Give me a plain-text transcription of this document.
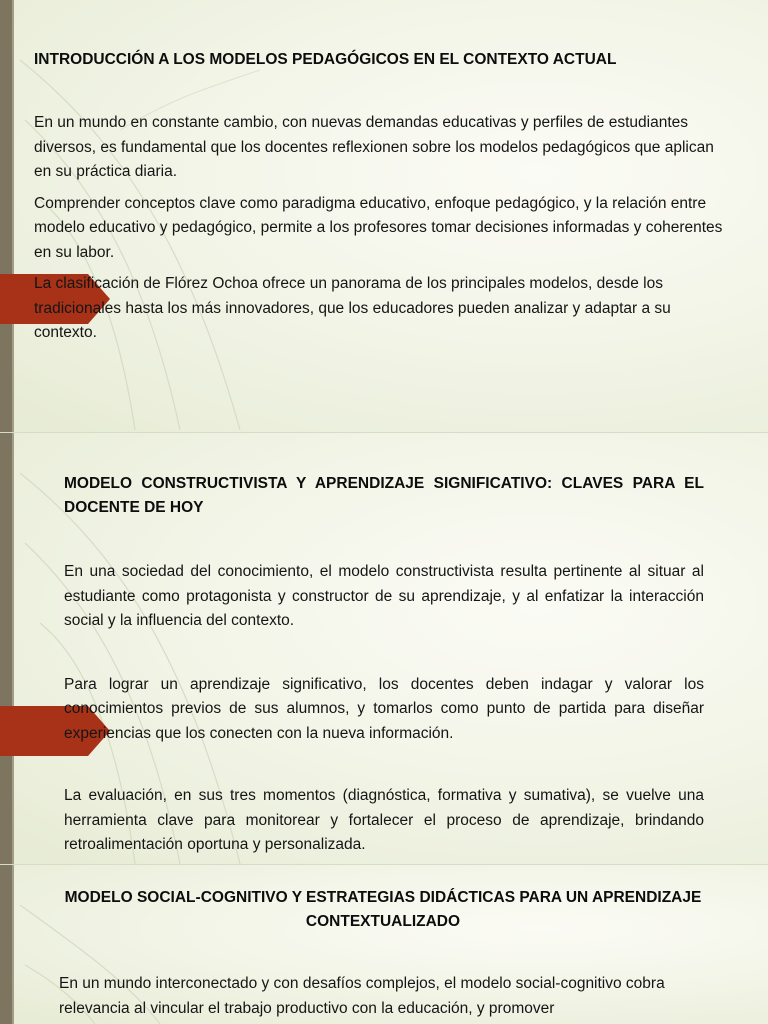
INTRODUCCIÓN A LOS MODELOS PEDAGÓGICOS EN EL CONTEXTO ACTUAL

En un mundo en constante cambio, con nuevas demandas educativas y perfiles de estudiantes diversos, es fundamental que los docentes reflexionen sobre los modelos pedagógicos que aplican en su práctica diaria.

Comprender conceptos clave como paradigma educativo, enfoque pedagógico, y la relación entre modelo educativo y pedagógico, permite a los profesores tomar decisiones informadas y coherentes en su labor.

La clasificación de Flórez Ochoa ofrece un panorama de los principales modelos, desde los tradicionales hasta los más innovadores, que los educadores pueden analizar y adaptar a su contexto.

MODELO CONSTRUCTIVISTA Y APRENDIZAJE SIGNIFICATIVO: CLAVES PARA EL DOCENTE DE HOY

En una sociedad del conocimiento, el modelo constructivista resulta pertinente al situar al estudiante como protagonista y constructor de su aprendizaje, y al enfatizar la interacción social y la influencia del contexto.

Para lograr un aprendizaje significativo, los docentes deben indagar y valorar los conocimientos previos de sus alumnos, y tomarlos como punto de partida para diseñar experiencias que los conecten con la nueva información.

La evaluación, en sus tres momentos (diagnóstica, formativa y sumativa), se vuelve una herramienta clave para monitorear y fortalecer el proceso de aprendizaje, brindando retroalimentación oportuna y personalizada.

MODELO SOCIAL-COGNITIVO Y ESTRATEGIAS DIDÁCTICAS PARA UN APRENDIZAJE CONTEXTUALIZADO

En un mundo interconectado y con desafíos complejos, el modelo social-cognitivo cobra relevancia al vincular el trabajo productivo con la educación, y promover
